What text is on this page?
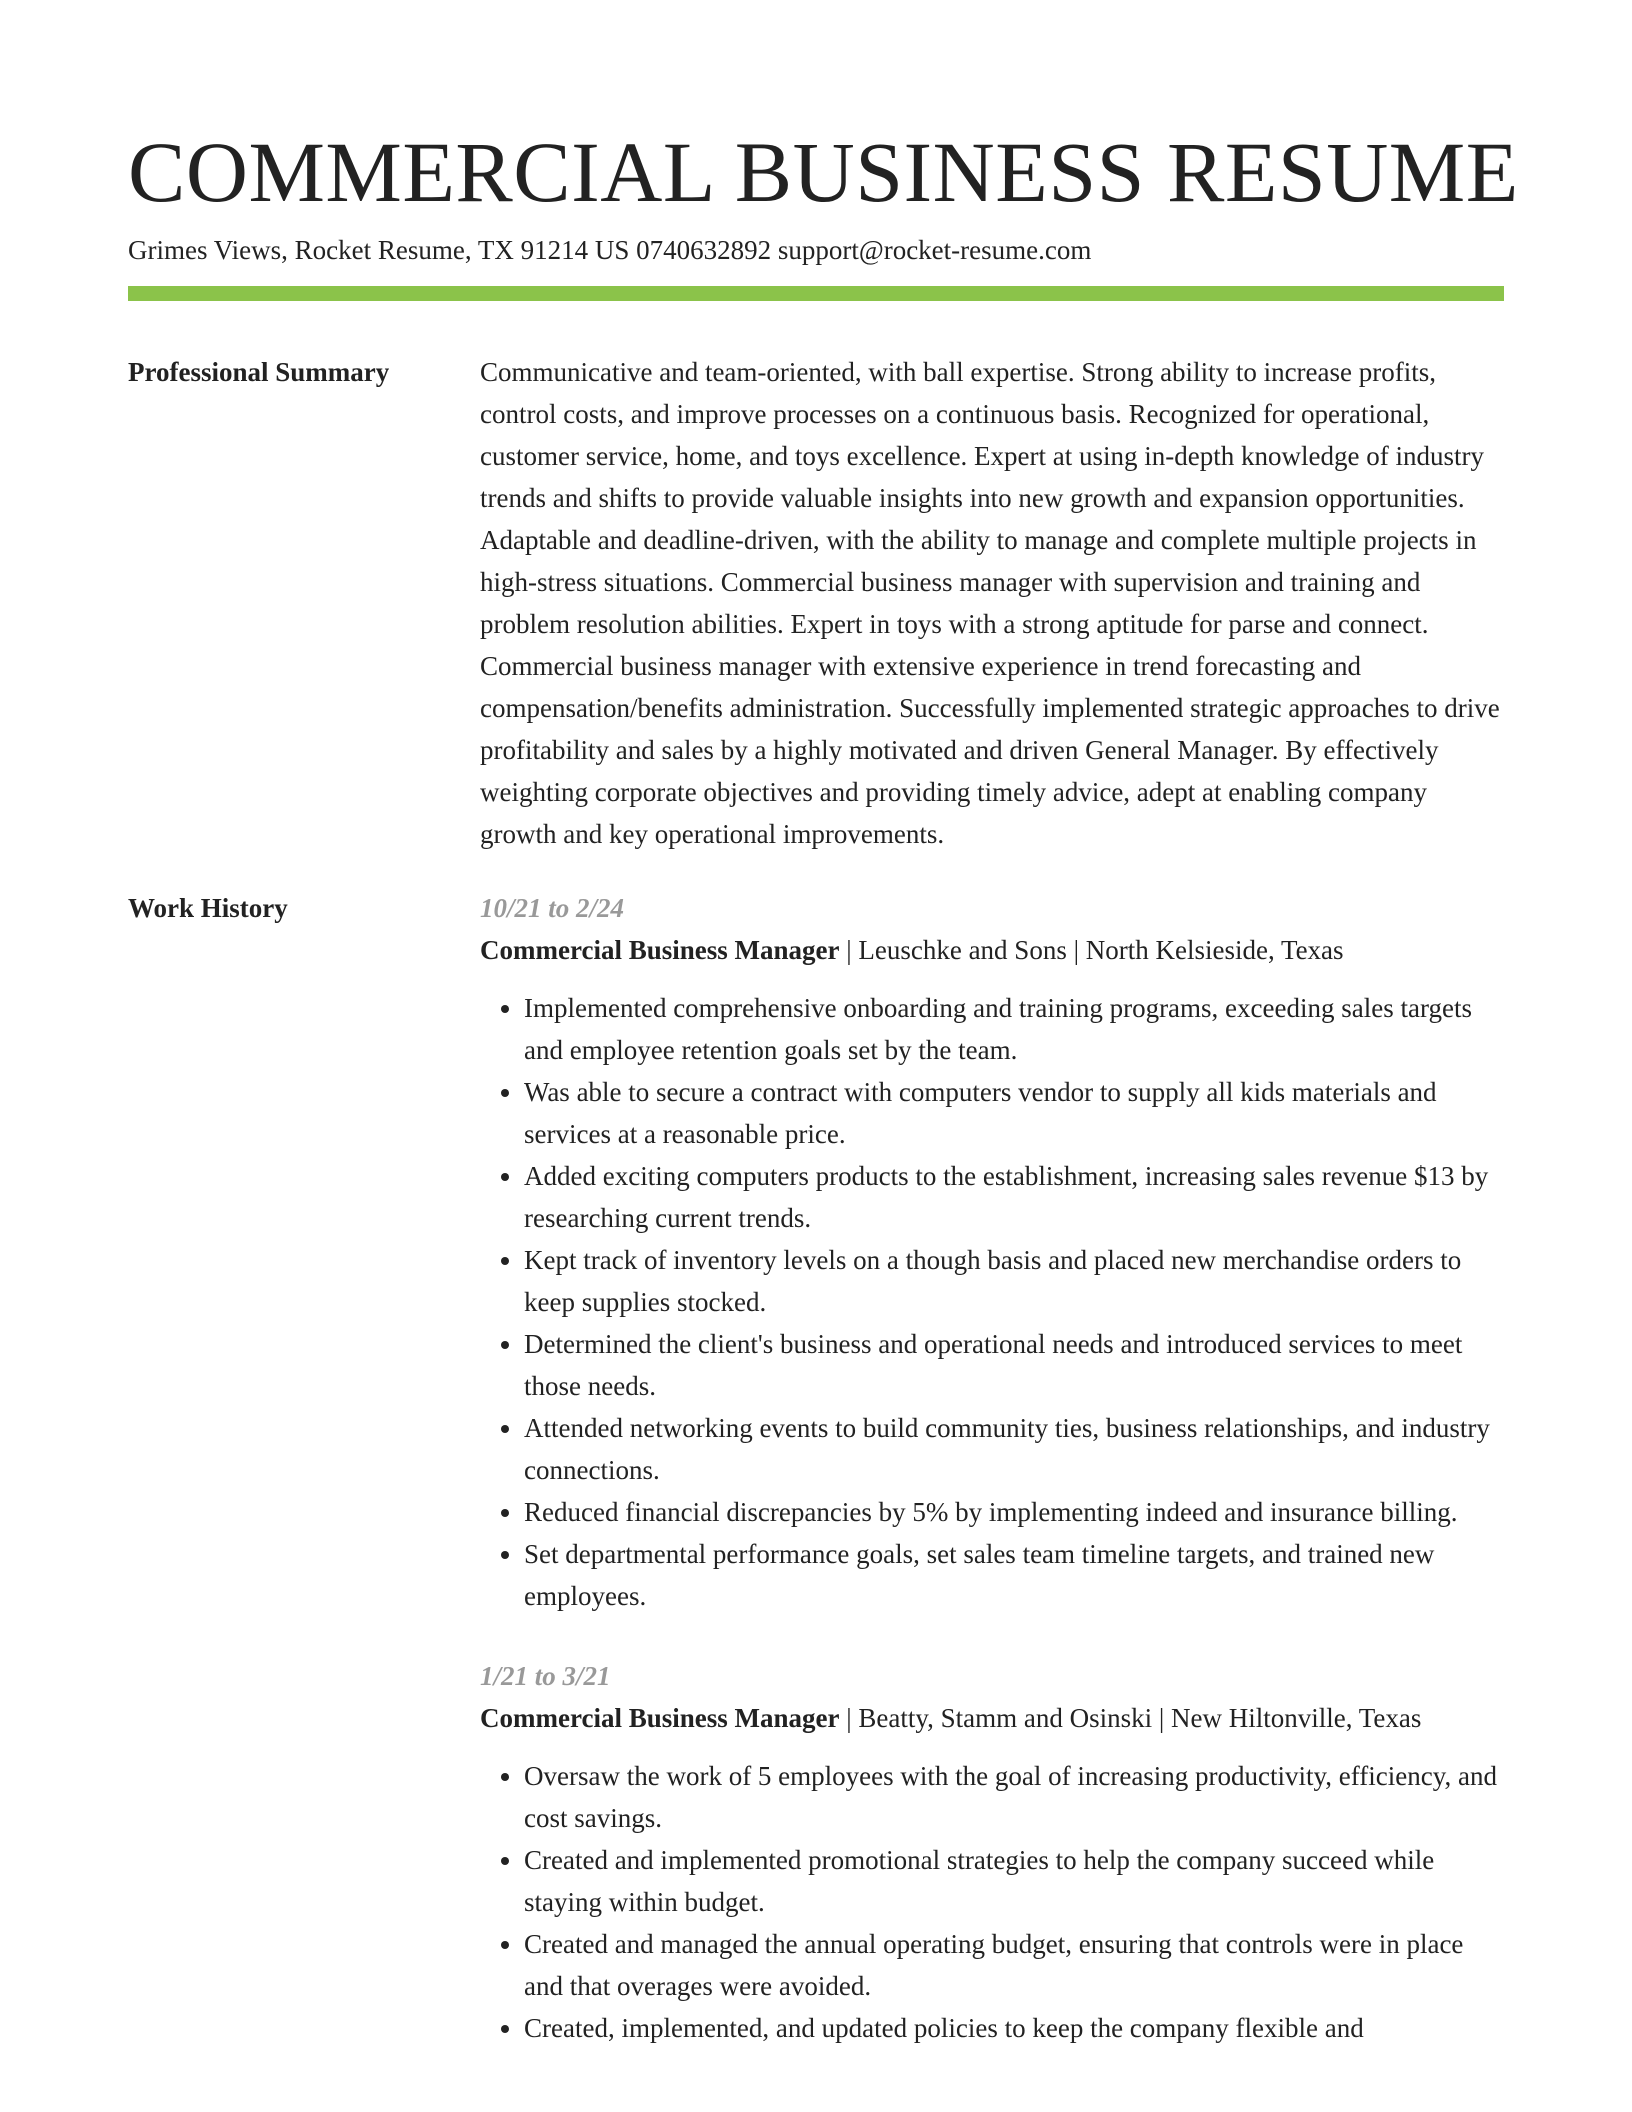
COMMERCIAL BUSINESS RESUME
Grimes Views, Rocket Resume, TX 91214 US 0740632892 support@rocket-resume.com
Professional Summary	Communicative and team-oriented, with ball expertise. Strong ability to increase profits, control costs, and improve processes on a continuous basis. Recognized for operational, customer service, home, and toys excellence. Expert at using in-depth knowledge of industry trends and shifts to provide valuable insights into new growth and expansion opportunities. Adaptable and deadline-driven, with the ability to manage and complete multiple projects in high-stress situations. Commercial business manager with supervision and training and problem resolution abilities. Expert in toys with a strong aptitude for parse and connect. Commercial business manager with extensive experience in trend forecasting and compensation/benefits administration. Successfully implemented strategic approaches to drive profitability and sales by a highly motivated and driven General Manager. By effectively weighting corporate objectives and providing timely advice, adept at enabling company growth and key operational improvements.
Work History	10/21 to 2/24
Commercial Business Manager | Leuschke and Sons | North Kelsieside, Texas
• Implemented comprehensive onboarding and training programs, exceeding sales targets and employee retention goals set by the team.
• Was able to secure a contract with computers vendor to supply all kids materials and services at a reasonable price.
• Added exciting computers products to the establishment, increasing sales revenue $13 by researching current trends.
• Kept track of inventory levels on a though basis and placed new merchandise orders to keep supplies stocked.
• Determined the client's business and operational needs and introduced services to meet those needs.
• Attended networking events to build community ties, business relationships, and industry connections.
• Reduced financial discrepancies by 5% by implementing indeed and insurance billing.
• Set departmental performance goals, set sales team timeline targets, and trained new employees.
1/21 to 3/21
Commercial Business Manager | Beatty, Stamm and Osinski | New Hiltonville, Texas
• Oversaw the work of 5 employees with the goal of increasing productivity, efficiency, and cost savings.
• Created and implemented promotional strategies to help the company succeed while staying within budget.
• Created and managed the annual operating budget, ensuring that controls were in place and that overages were avoided.
• Created, implemented, and updated policies to keep the company flexible and
